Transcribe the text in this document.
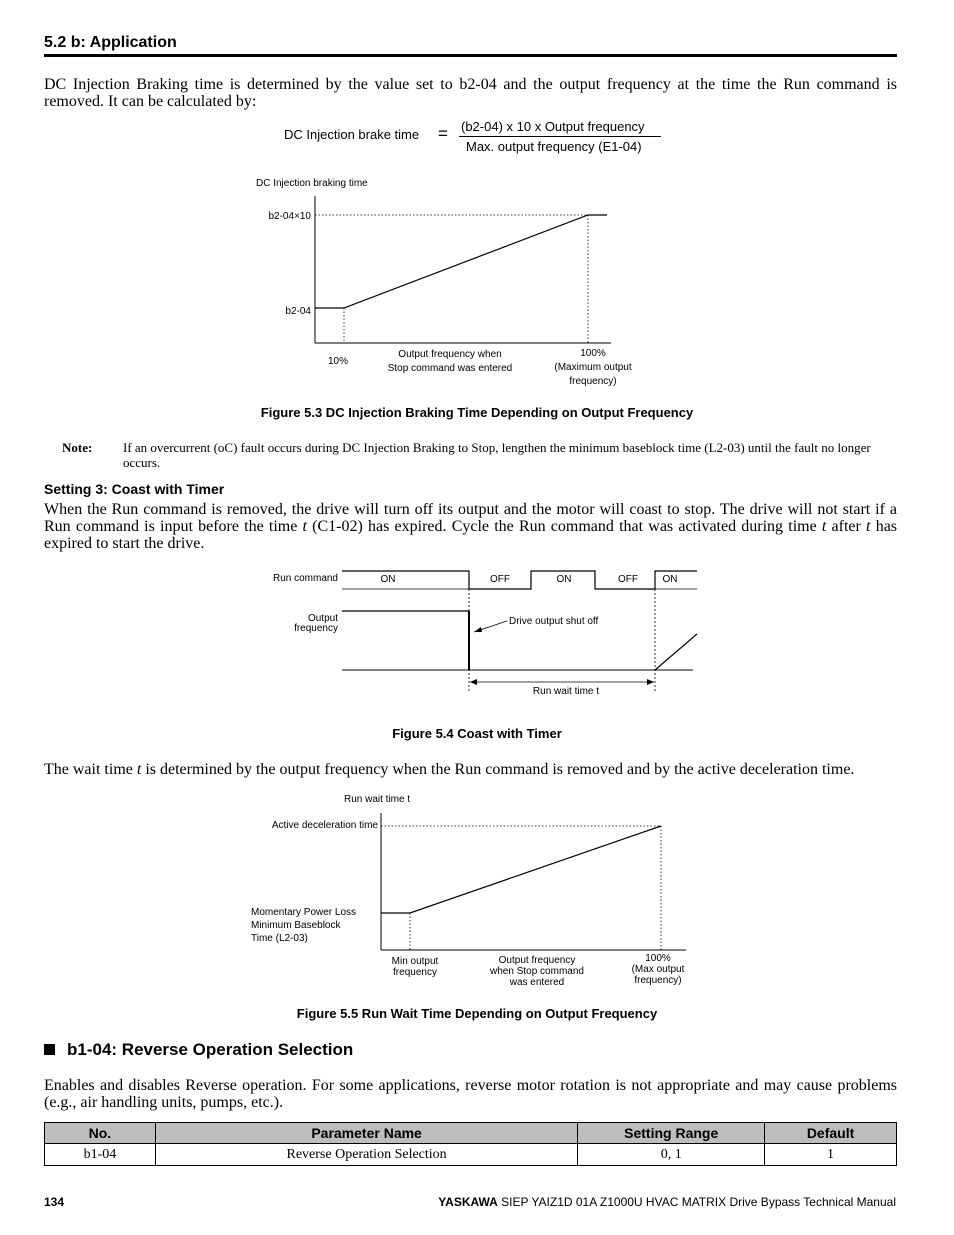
5.2 b: Application
DC Injection Braking time is determined by the value set to b2-04 and the output frequency at the time the Run command is removed. It can be calculated by:
DC Injection brake time = (b2-04) x 10 x Output frequency
Max. output frequency (E1-04)
DC Injection braking time
b2-04×10
b2-04
10%
Output frequency when
Stop command was entered
100%
(Maximum output
frequency)
Figure 5.3 DC Injection Braking Time Depending on Output Frequency
Note: If an overcurrent (oC) fault occurs during DC Injection Braking to Stop, lengthen the minimum baseblock time (L2-03) until the fault no longer occurs.
Setting 3: Coast with Timer
When the Run command is removed, the drive will turn off its output and the motor will coast to stop. The drive will not start if a Run command is input before the time t (C1-02) has expired. Cycle the Run command that was activated during time t after t has expired to start the drive.
Run command
Output
frequency
ON	OFF	ON	OFF ON
Drive output shut off
Run wait time t
Figure 5.4 Coast with Timer
The wait time t is determined by the output frequency when the Run command is removed and by the active deceleration time.
Run wait time t
Active deceleration time
Momentary Power Loss
Minimum Baseblock
Time (L2-03)
Min output
frequency
Output frequency
when Stop command
was entered
100%
(Max output
frequency)
Figure 5.5 Run Wait Time Depending on Output Frequency
b1-04: Reverse Operation Selection
Enables and disables Reverse operation. For some applications, reverse motor rotation is not appropriate and may cause problems (e.g., air handling units, pumps, etc.).
No.	Parameter Name	Setting Range	Default
b1-04	Reverse Operation Selection	0, 1	1
134	YASKAWA SIEP YAIZ1D 01A Z1000U HVAC MATRIX Drive Bypass Technical Manual
